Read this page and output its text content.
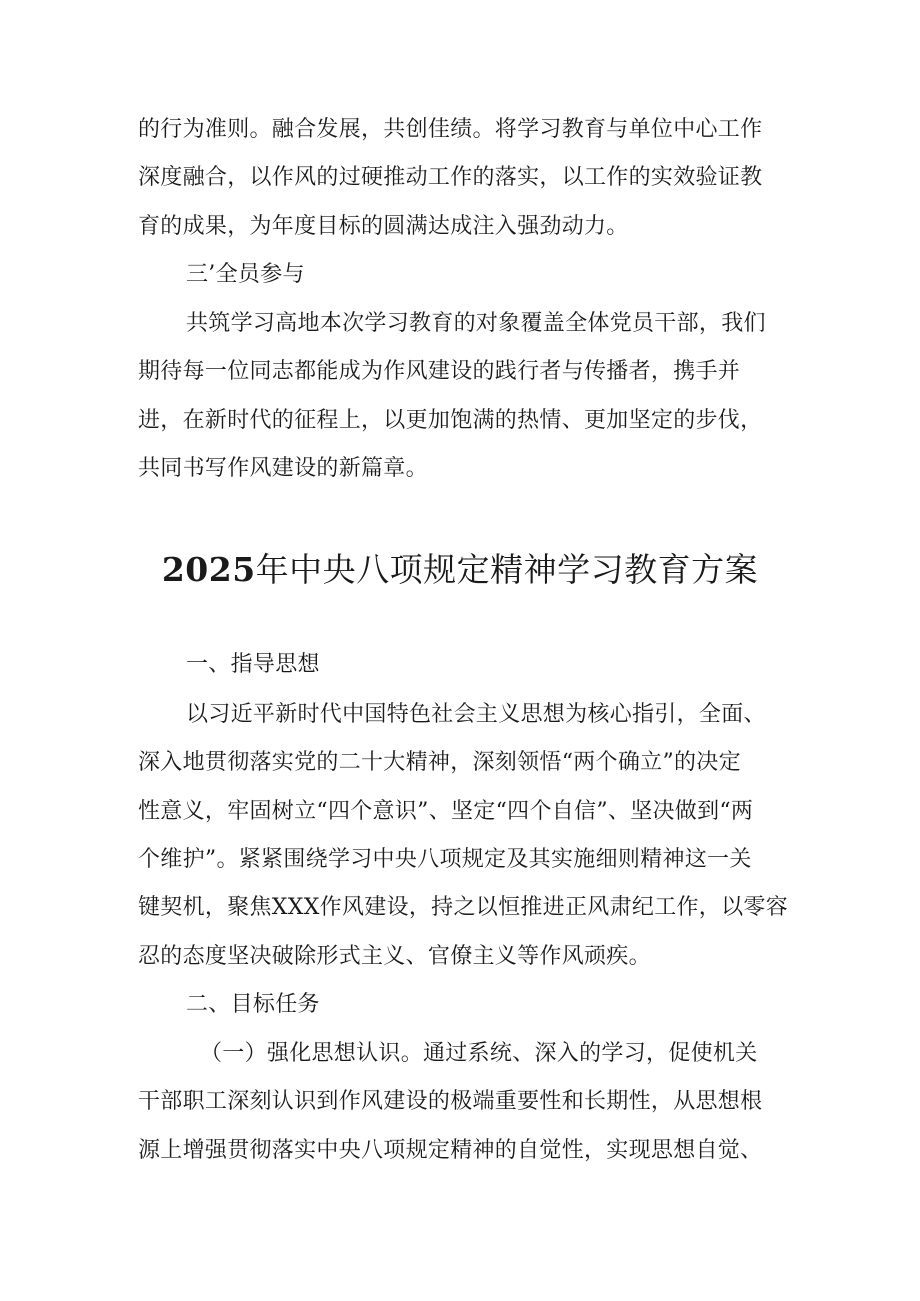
的行为准则。融合发展，共创佳绩。将学习教育与单位中心工作
深度融合，以作风的过硬推动工作的落实，以工作的实效验证教
育的成果，为年度目标的圆满达成注入强劲动力。
三’全员参与
共筑学习高地本次学习教育的对象覆盖全体党员干部，我们
期待每一位同志都能成为作风建设的践行者与传播者，携手并
进，在新时代的征程上，以更加饱满的热情、更加坚定的步伐，
共同书写作风建设的新篇章。
2025年中央八项规定精神学习教育方案
一、指导思想
以习近平新时代中国特色社会主义思想为核心指引，全面、
深入地贯彻落实党的二十大精神，深刻领悟“两个确立”的决定
性意义，牢固树立“四个意识”、坚定“四个自信”、坚决做到“两
个维护”。紧紧围绕学习中央八项规定及其实施细则精神这一关
键契机，聚焦XXX作风建设，持之以恒推进正风肃纪工作，以零容
忍的态度坚决破除形式主义、官僚主义等作风顽疾。
二、目标任务
（一）强化思想认识。通过系统、深入的学习，促使机关
干部职工深刻认识到作风建设的极端重要性和长期性，从思想根
源上增强贯彻落实中央八项规定精神的自觉性，实现思想自觉、
